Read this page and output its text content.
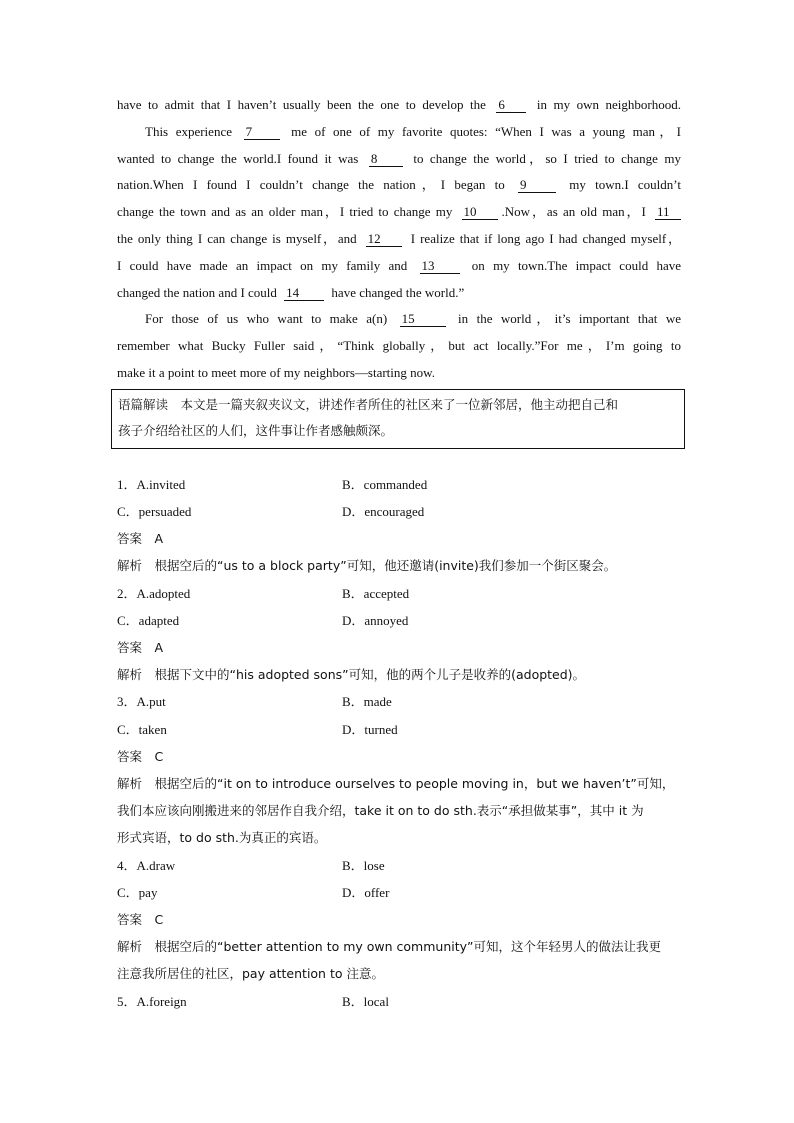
have to admit that I haven’t usually been the one to develop the 6 in my own neighborhood.
This experience 7 me of one of my favorite quotes: “When I was a young man，I
wanted to change the world.I found it was 8 to change the world，so I tried to change my
nation.When I found I couldn’t change the nation，I began to 9	my town.I couldn’t
change the town and as an older man，I tried to change my 10 .Now，as an old man，I 11
the only thing I can change is myself，and 12 I realize that if long ago I had changed myself，
I could have made an impact on my family and 13 on my town.The impact could have
changed the nation and I could 14 have changed the world.”
For those of us who want to make a(n) 15	in the world，it’s important that we
remember what Bucky Fuller said，“Think globally，but act locally.”For me，I’m going to
make it a point to meet more of my neighbors—starting now.
语篇解读　本文是一篇夹叙夹议文，讲述作者所住的社区来了一位新邻居，他主动把自己和
孩子介绍给社区的人们，这件事让作者感触颇深。
1．A.invited	B．commanded
C．persuaded	D．encouraged
答案　A
解析　根据空后的“us to a block party”可知，他还邀请(invite)我们参加一个街区聚会。
2．A.adopted	B．accepted
C．adapted	D．annoyed
答案　A
解析　根据下文中的“his adopted sons”可知，他的两个儿子是收养的(adopted)。
3．A.put	B．made
C．taken	D．turned
答案　C
解析　根据空后的“it on to introduce ourselves to people moving in，but we haven’t”可知，
我们本应该向刚搬进来的邻居作自我介绍，take it on to do sth.表示“承担做某事”，其中 it 为
形式宾语，to do sth.为真正的宾语。
4．A.draw	B．lose
C．pay	D．offer
答案　C
解析　根据空后的“better attention to my own community”可知，这个年轻男人的做法让我更
注意我所居住的社区，pay attention to 注意。
5．A.foreign	B．local
